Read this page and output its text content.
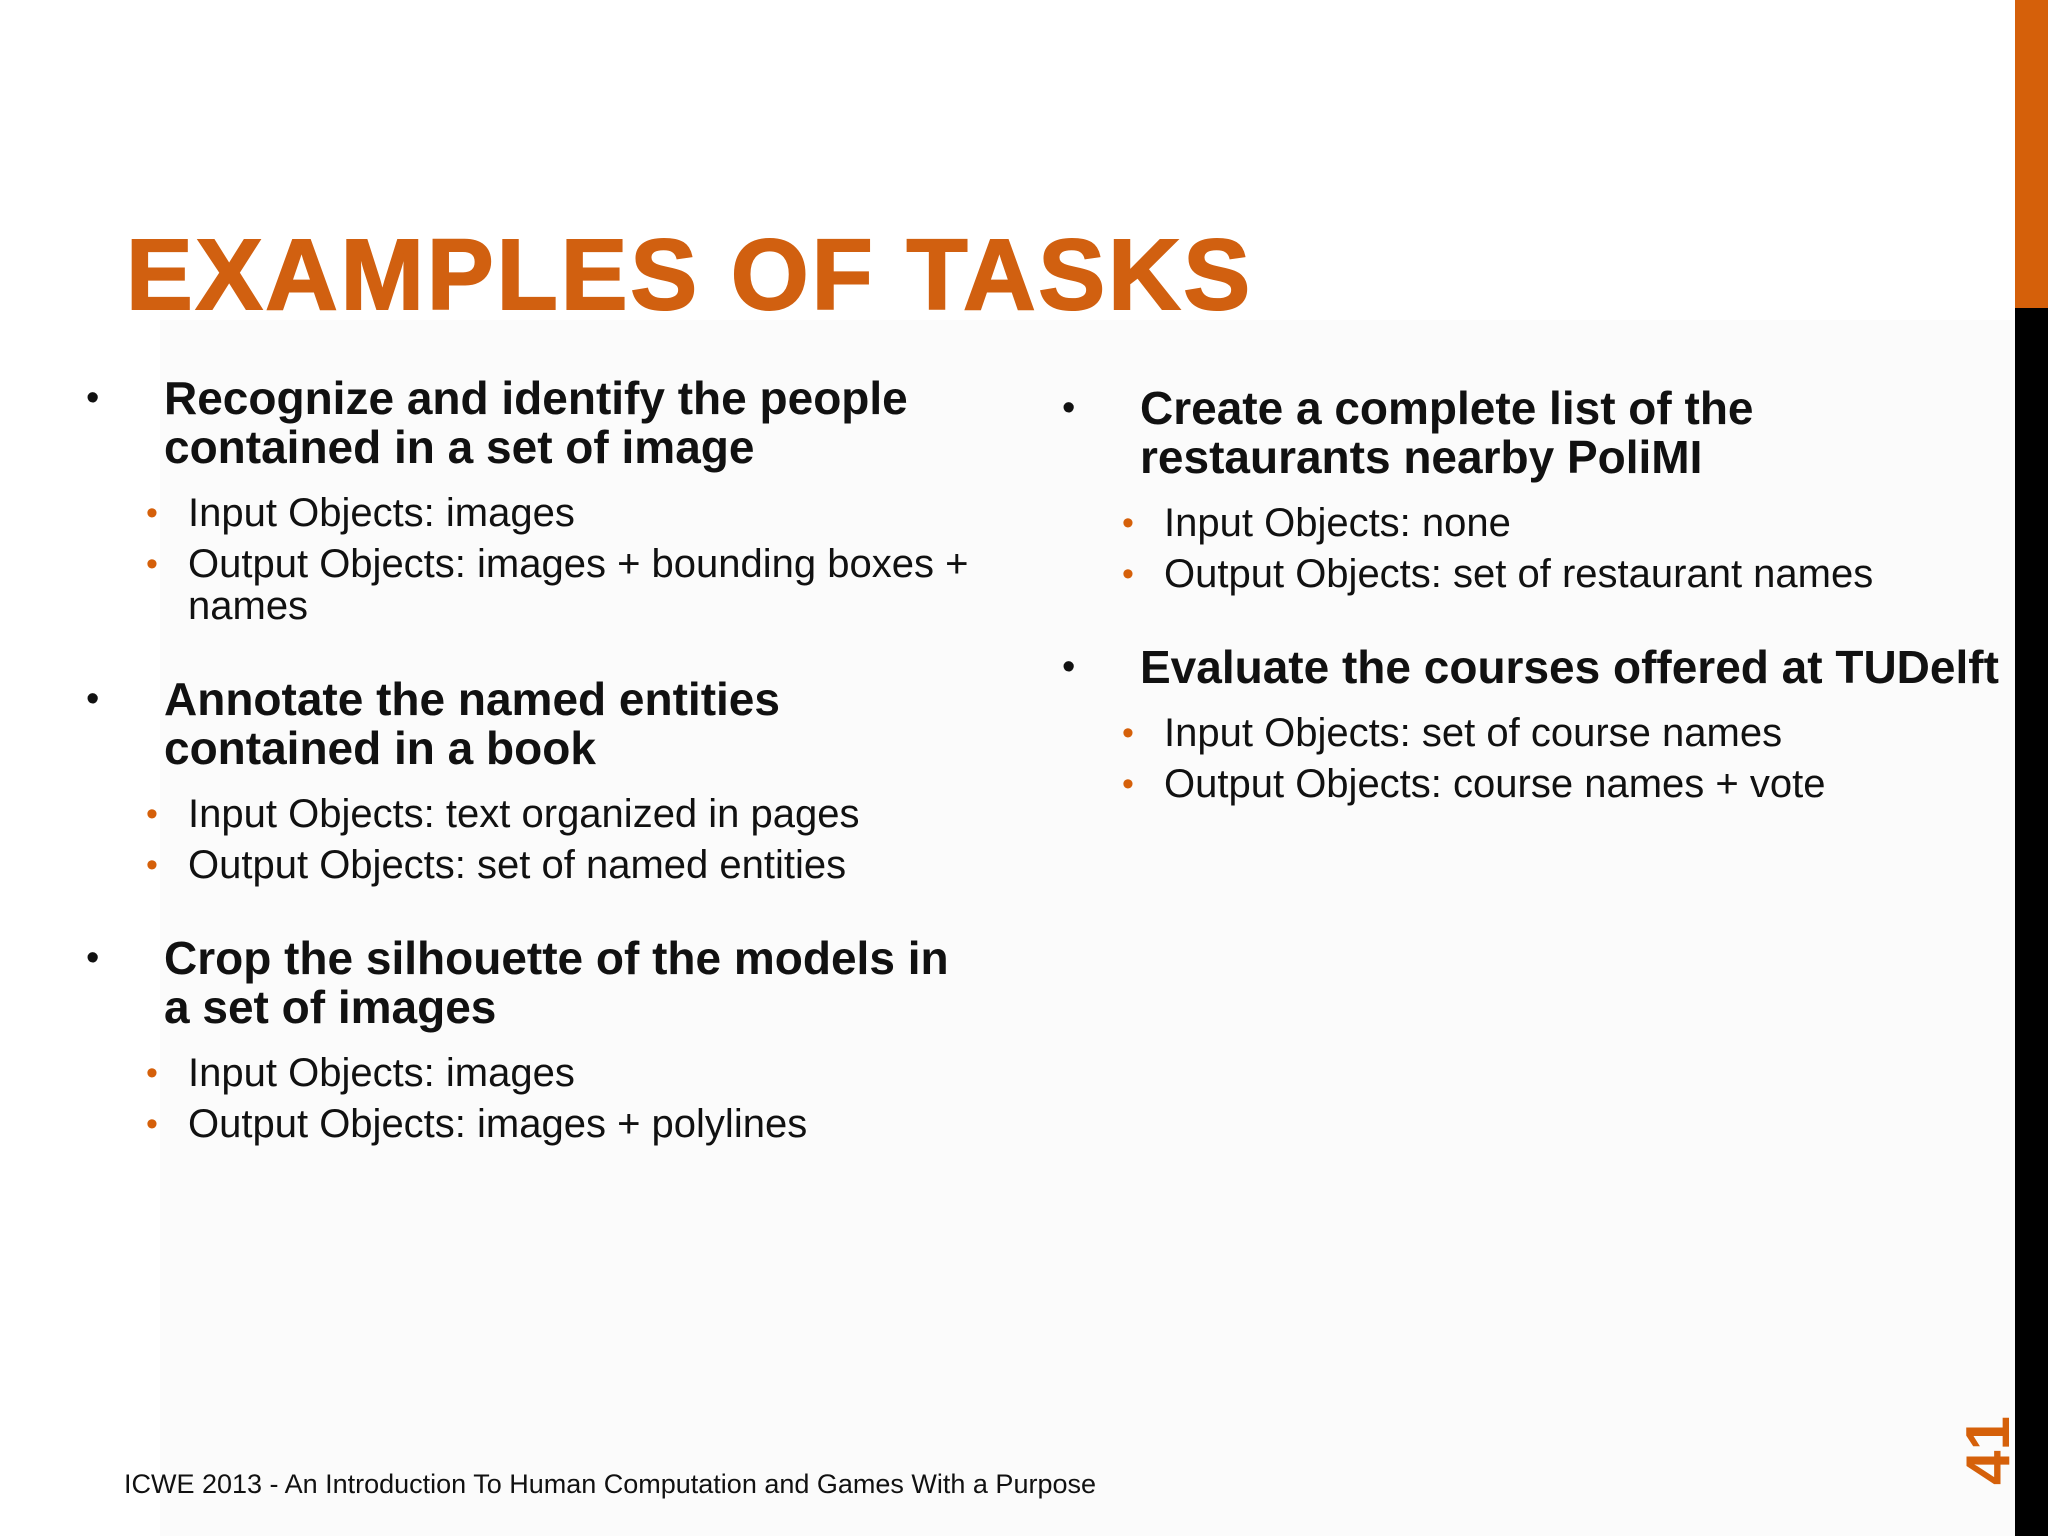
EXAMPLES OF TASKS
• Recognize and identify the people contained in a set of image
• Input Objects: images
• Output Objects: images + bounding boxes + names
• Annotate the named entities contained in a book
• Input Objects: text organized in pages
• Output Objects: set of named entities
• Crop the silhouette of the models in a set of images
• Input Objects: images
• Output Objects: images + polylines
• Create a complete list of the restaurants nearby PoliMI
• Input Objects: none
• Output Objects: set of restaurant names
• Evaluate the courses offered at TUDelft
• Input Objects: set of course names
• Output Objects: course names + vote
ICWE 2013 - An Introduction To Human Computation and Games With a Purpose	41
